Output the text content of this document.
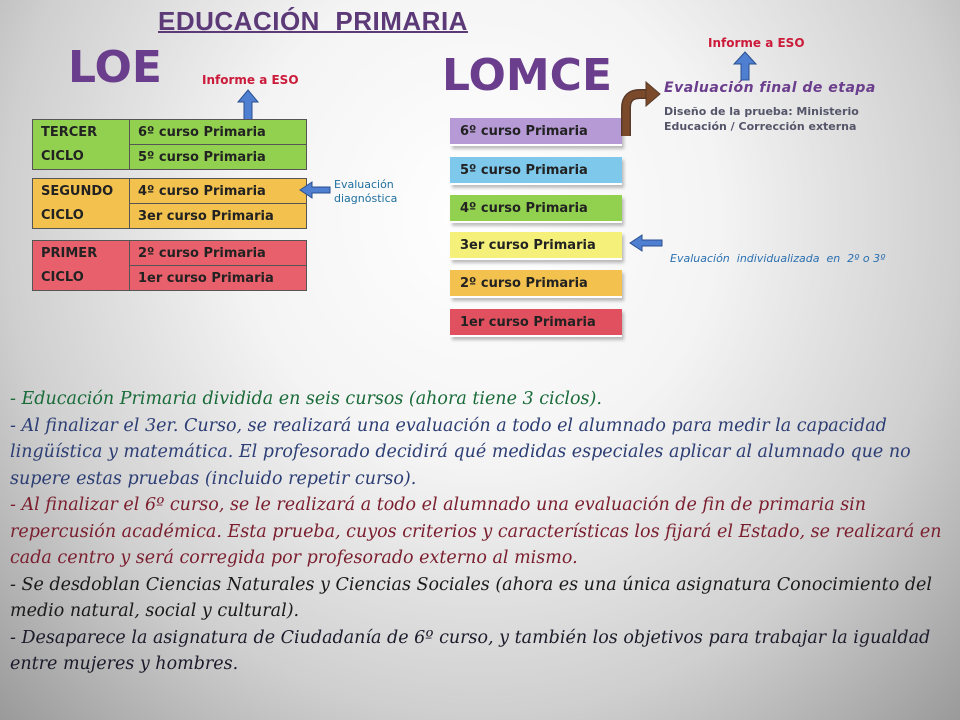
EDUCACIÓN  PRIMARIA
LOE	LOMCE
Informe a ESO
TERCER CICLO	6º curso Primaria
5º curso Primaria
SEGUNDO CICLO	4º curso Primaria
3er curso Primaria
PRIMER CICLO	2º curso Primaria
1er curso Primaria
Evaluación diagnóstica
6º curso Primaria
5º curso Primaria
4º curso Primaria
3er curso Primaria
2º curso Primaria
1er curso Primaria
Informe a ESO
Evaluación final de etapa
Diseño de la prueba: Ministerio Educación / Corrección externa
Evaluación  individualizada  en  2º o 3º

- Educación Primaria dividida en seis cursos (ahora tiene 3 ciclos).

- Al finalizar el 3er. Curso, se realizará una evaluación a todo el alumnado para medir la capacidad lingüística y matemática. El profesorado decidirá qué medidas especiales aplicar al alumnado que no supere estas pruebas (incluido repetir curso).

- Al finalizar el 6º curso, se le realizará a todo el alumnado una evaluación de fin de primaria sin repercusión académica. Esta prueba, cuyos criterios y características los fijará el Estado, se realizará en cada centro y será corregida por profesorado externo al mismo.

- Se desdoblan Ciencias Naturales y Ciencias Sociales (ahora es una única asignatura Conocimiento del medio natural, social y cultural).

- Desaparece la asignatura de Ciudadanía de 6º curso, y también los objetivos para trabajar la igualdad entre mujeres y hombres.
